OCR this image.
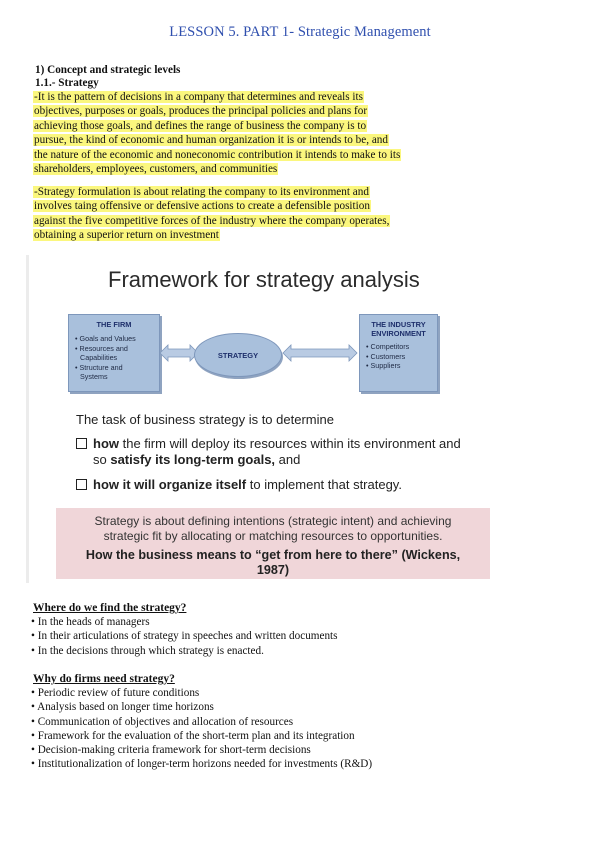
LESSON 5. PART 1- Strategic Management
1) Concept and strategic levels
1.1.- Strategy
-It is the pattern of decisions in a company that determines and reveals its
objectives, purposes or goals, produces the principal policies and plans for
achieving those goals, and defines the range of business the company is to
pursue, the kind of economic and human organization it is or intends to be, and
the nature of the economic and noneconomic contribution it intends to make to its
shareholders, employees, customers, and communities
-Strategy formulation is about relating the company to its environment and
involves taing offensive or defensive actions to create a defensible position
against the five competitive forces of the industry where the company operates,
obtaining a superior return on investment
Framework for strategy analysis
THE FIRM
• Goals and Values
• Resources and
Capabilities
• Structure and
Systems
STRATEGY
THE INDUSTRY
ENVIRONMENT
• Competitors
• Customers
• Suppliers
The task of business strategy is to determine
how the firm will deploy its resources within its environment and
so satisfy its long-term goals, and
how it will organize itself to implement that strategy.
Strategy is about defining intentions (strategic intent) and achieving
strategic fit by allocating or matching resources to opportunities.
How the business means to “get from here to there” (Wickens,
1987)
Where do we find the strategy?
• In the heads of managers
• In their articulations of strategy in speeches and written documents
• In the decisions through which strategy is enacted.
Why do firms need strategy?
• Periodic review of future conditions
• Analysis based on longer time horizons
• Communication of objectives and allocation of resources
• Framework for the evaluation of the short-term plan and its integration
• Decision-making criteria framework for short-term decisions
• Institutionalization of longer-term horizons needed for investments (R&D)
